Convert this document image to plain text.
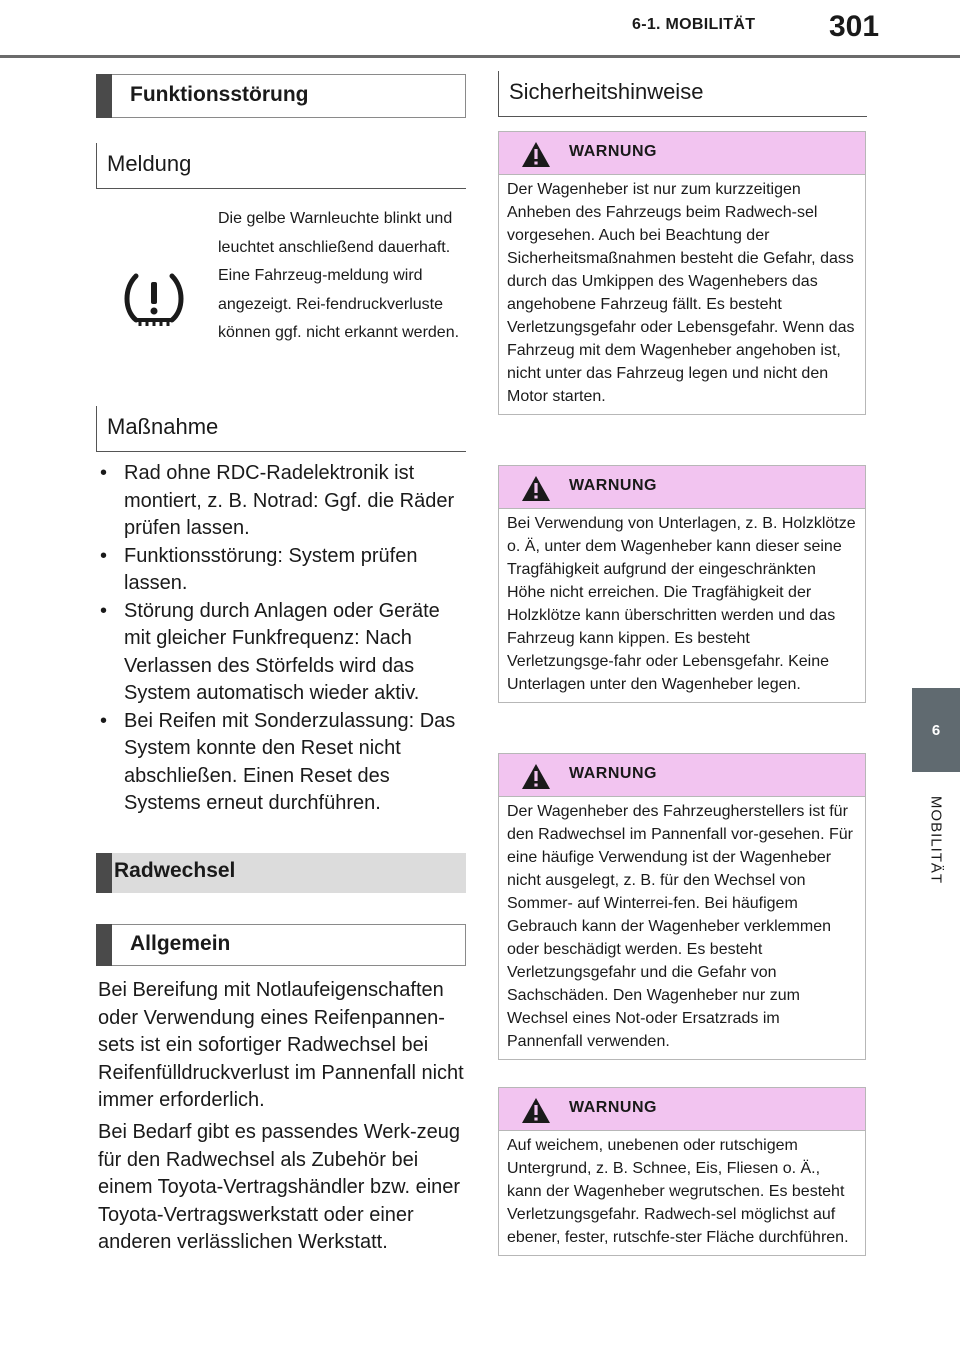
6-1. MOBILITÄT 301
6
MOBILITÄT
Funktionsstörung
Meldung
Die gelbe Warnleuchte blinkt und leuchtet anschließend dauerhaft. Eine Fahrzeug-meldung wird angezeigt. Rei-fendruckverluste können ggf. nicht erkannt werden.
Maßnahme
• Rad ohne RDC-Radelektronik ist montiert, z. B. Notrad: Ggf. die Räder prüfen lassen.
• Funktionsstörung: System prüfen lassen.
• Störung durch Anlagen oder Geräte mit gleicher Funkfrequenz: Nach Verlassen des Störfelds wird das System automatisch wieder aktiv.
• Bei Reifen mit Sonderzulassung: Das System konnte den Reset nicht abschließen. Einen Reset des Systems erneut durchführen.
Radwechsel
Allgemein

Bei Bereifung mit Notlaufeigenschaften oder Verwendung eines Reifenpannen-sets ist ein sofortiger Radwechsel bei Reifenfülldruckverlust im Pannenfall nicht immer erforderlich.

Bei Bedarf gibt es passendes Werk-zeug für den Radwechsel als Zubehör bei einem Toyota-Vertragshändler bzw. einer Toyota-Vertragswerkstatt oder einer anderen verlässlichen Werkstatt.

Sicherheitshinweise
WARNUNG
Der Wagenheber ist nur zum kurzzeitigen Anheben des Fahrzeugs beim Radwech-sel vorgesehen. Auch bei Beachtung der Sicherheitsmaßnahmen besteht die Gefahr, dass durch das Umkippen des Wagenhebers das angehobene Fahrzeug fällt. Es besteht Verletzungsgefahr oder Lebensgefahr. Wenn das Fahrzeug mit dem Wagenheber angehoben ist, nicht unter das Fahrzeug legen und nicht den Motor starten.
WARNUNG
Bei Verwendung von Unterlagen, z. B. Holzklötze o. Ä, unter dem Wagenheber kann dieser seine Tragfähigkeit aufgrund der eingeschränkten Höhe nicht erreichen. Die Tragfähigkeit der Holzklötze kann überschritten werden und das Fahrzeug kann kippen. Es besteht Verletzungsge-fahr oder Lebensgefahr. Keine Unterlagen unter den Wagenheber legen.
WARNUNG
Der Wagenheber des Fahrzeugherstellers ist für den Radwechsel im Pannenfall vor-gesehen. Für eine häufige Verwendung ist der Wagenheber nicht ausgelegt, z. B. für den Wechsel von Sommer- auf Winterrei-fen. Bei häufigem Gebrauch kann der Wagenheber verklemmen oder beschädigt werden. Es besteht Verletzungsgefahr und die Gefahr von Sachschäden. Den Wagenheber nur zum Wechsel eines Not-oder Ersatzrads im Pannenfall verwenden.
WARNUNG
Auf weichem, unebenen oder rutschigem Untergrund, z. B. Schnee, Eis, Fliesen o. Ä., kann der Wagenheber wegrutschen. Es besteht Verletzungsgefahr. Radwech-sel möglichst auf ebener, fester, rutschfe-ster Fläche durchführen.
